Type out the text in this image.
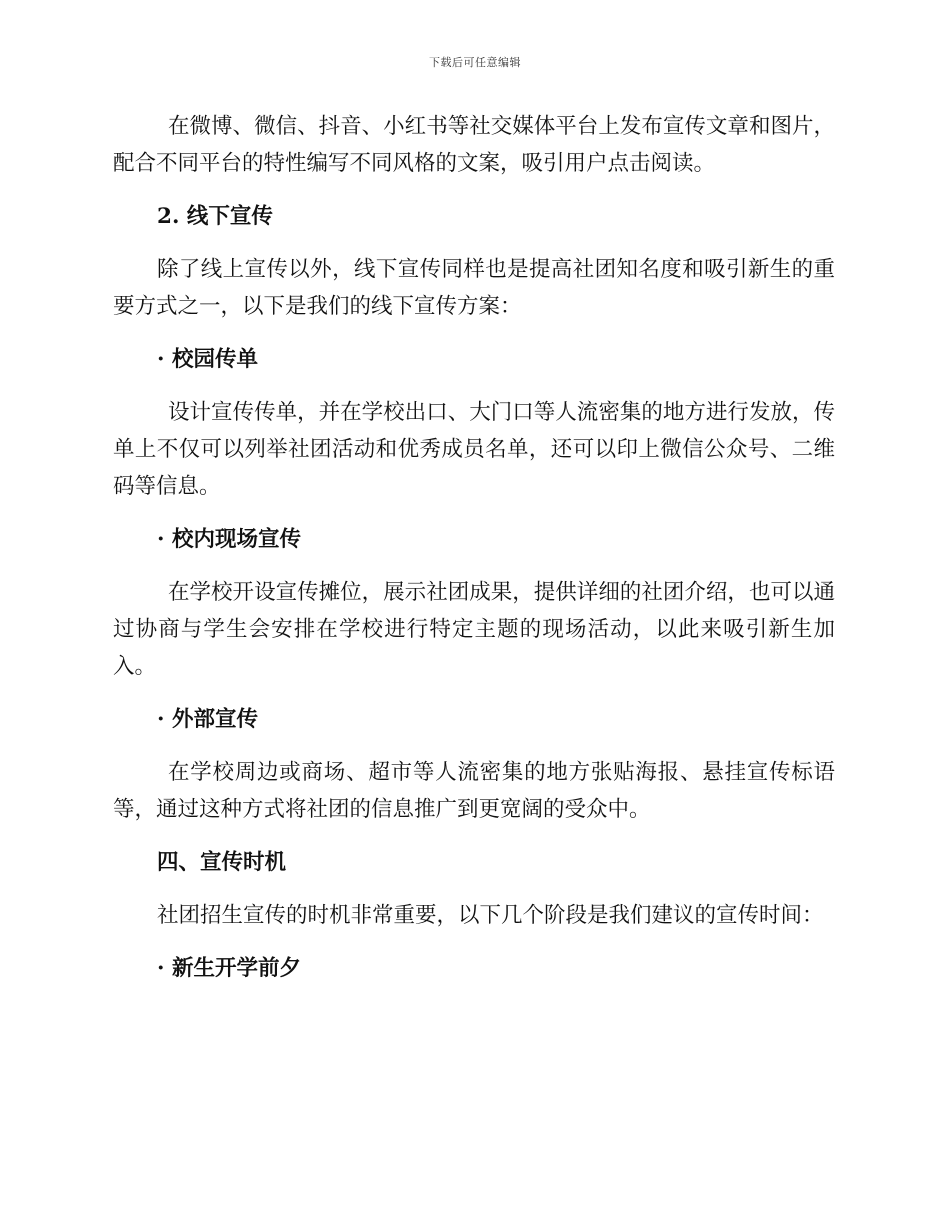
下载后可任意编辑

在微博、微信、抖音、小红书等社交媒体平台上发布宣传文章和图片，配合不同平台的特性编写不同风格的文案，吸引用户点击阅读。

2. 线下宣传

除了线上宣传以外，线下宣传同样也是提高社团知名度和吸引新生的重要方式之一，以下是我们的线下宣传方案：

· 校园传单

设计宣传传单，并在学校出口、大门口等人流密集的地方进行发放，传单上不仅可以列举社团活动和优秀成员名单，还可以印上微信公众号、二维码等信息。

· 校内现场宣传

在学校开设宣传摊位，展示社团成果，提供详细的社团介绍，也可以通过协商与学生会安排在学校进行特定主题的现场活动，以此来吸引新生加入。

· 外部宣传

在学校周边或商场、超市等人流密集的地方张贴海报、悬挂宣传标语等，通过这种方式将社团的信息推广到更宽阔的受众中。

四、宣传时机

社团招生宣传的时机非常重要，以下几个阶段是我们建议的宣传时间：

· 新生开学前夕
